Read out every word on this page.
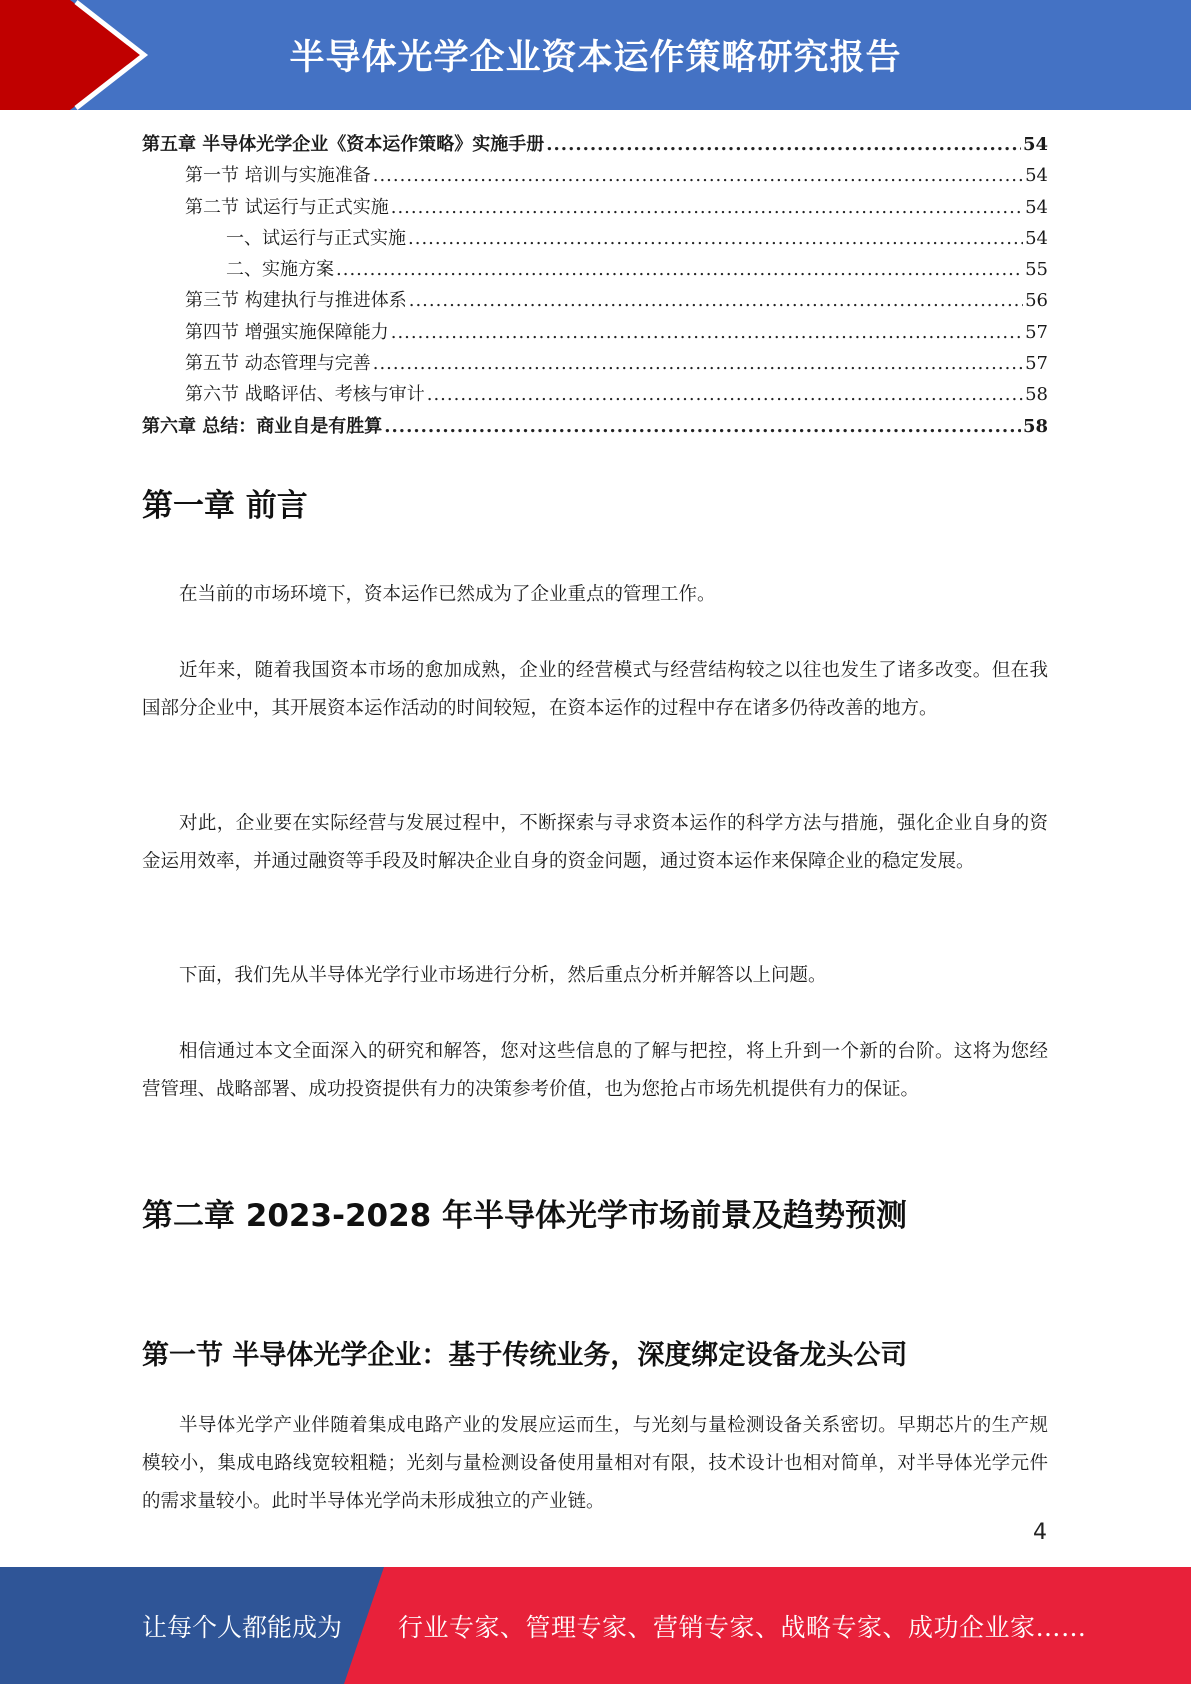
半导体光学企业资本运作策略研究报告
第五章 半导体光学企业《资本运作策略》实施手册 .....	54
第一节 培训与实施准备 .....	54
第二节 试运行与正式实施 .....	54
一、试运行与正式实施 .....	54
二、实施方案 .....	55
第三节 构建执行与推进体系 .....	56
第四节 增强实施保障能力 .....	57
第五节 动态管理与完善 .....	57
第六节 战略评估、考核与审计 .....	58
第六章 总结：商业自是有胜算 .....	58
第一章 前言

在当前的市场环境下，资本运作已然成为了企业重点的管理工作。

近年来，随着我国资本市场的愈加成熟，企业的经营模式与经营结构较之以往也发生了诸多改变。但在我国部分企业中，其开展资本运作活动的时间较短，在资本运作的过程中存在诸多仍待改善的地方。

对此，企业要在实际经营与发展过程中，不断探索与寻求资本运作的科学方法与措施，强化企业自身的资金运用效率，并通过融资等手段及时解决企业自身的资金问题，通过资本运作来保障企业的稳定发展。

下面，我们先从半导体光学行业市场进行分析，然后重点分析并解答以上问题。

相信通过本文全面深入的研究和解答，您对这些信息的了解与把控，将上升到一个新的台阶。这将为您经营管理、战略部署、成功投资提供有力的决策参考价值，也为您抢占市场先机提供有力的保证。

第二章 2023-2028 年半导体光学市场前景及趋势预测
第一节 半导体光学企业：基于传统业务，深度绑定设备龙头公司

半导体光学产业伴随着集成电路产业的发展应运而生，与光刻与量检测设备关系密切。早期芯片的生产规模较小，集成电路线宽较粗糙；光刻与量检测设备使用量相对有限，技术设计也相对简单，对半导体光学元件的需求量较小。此时半导体光学尚未形成独立的产业链。

4
让每个人都能成为 行业专家、管理专家、营销专家、战略专家、成功企业家……
